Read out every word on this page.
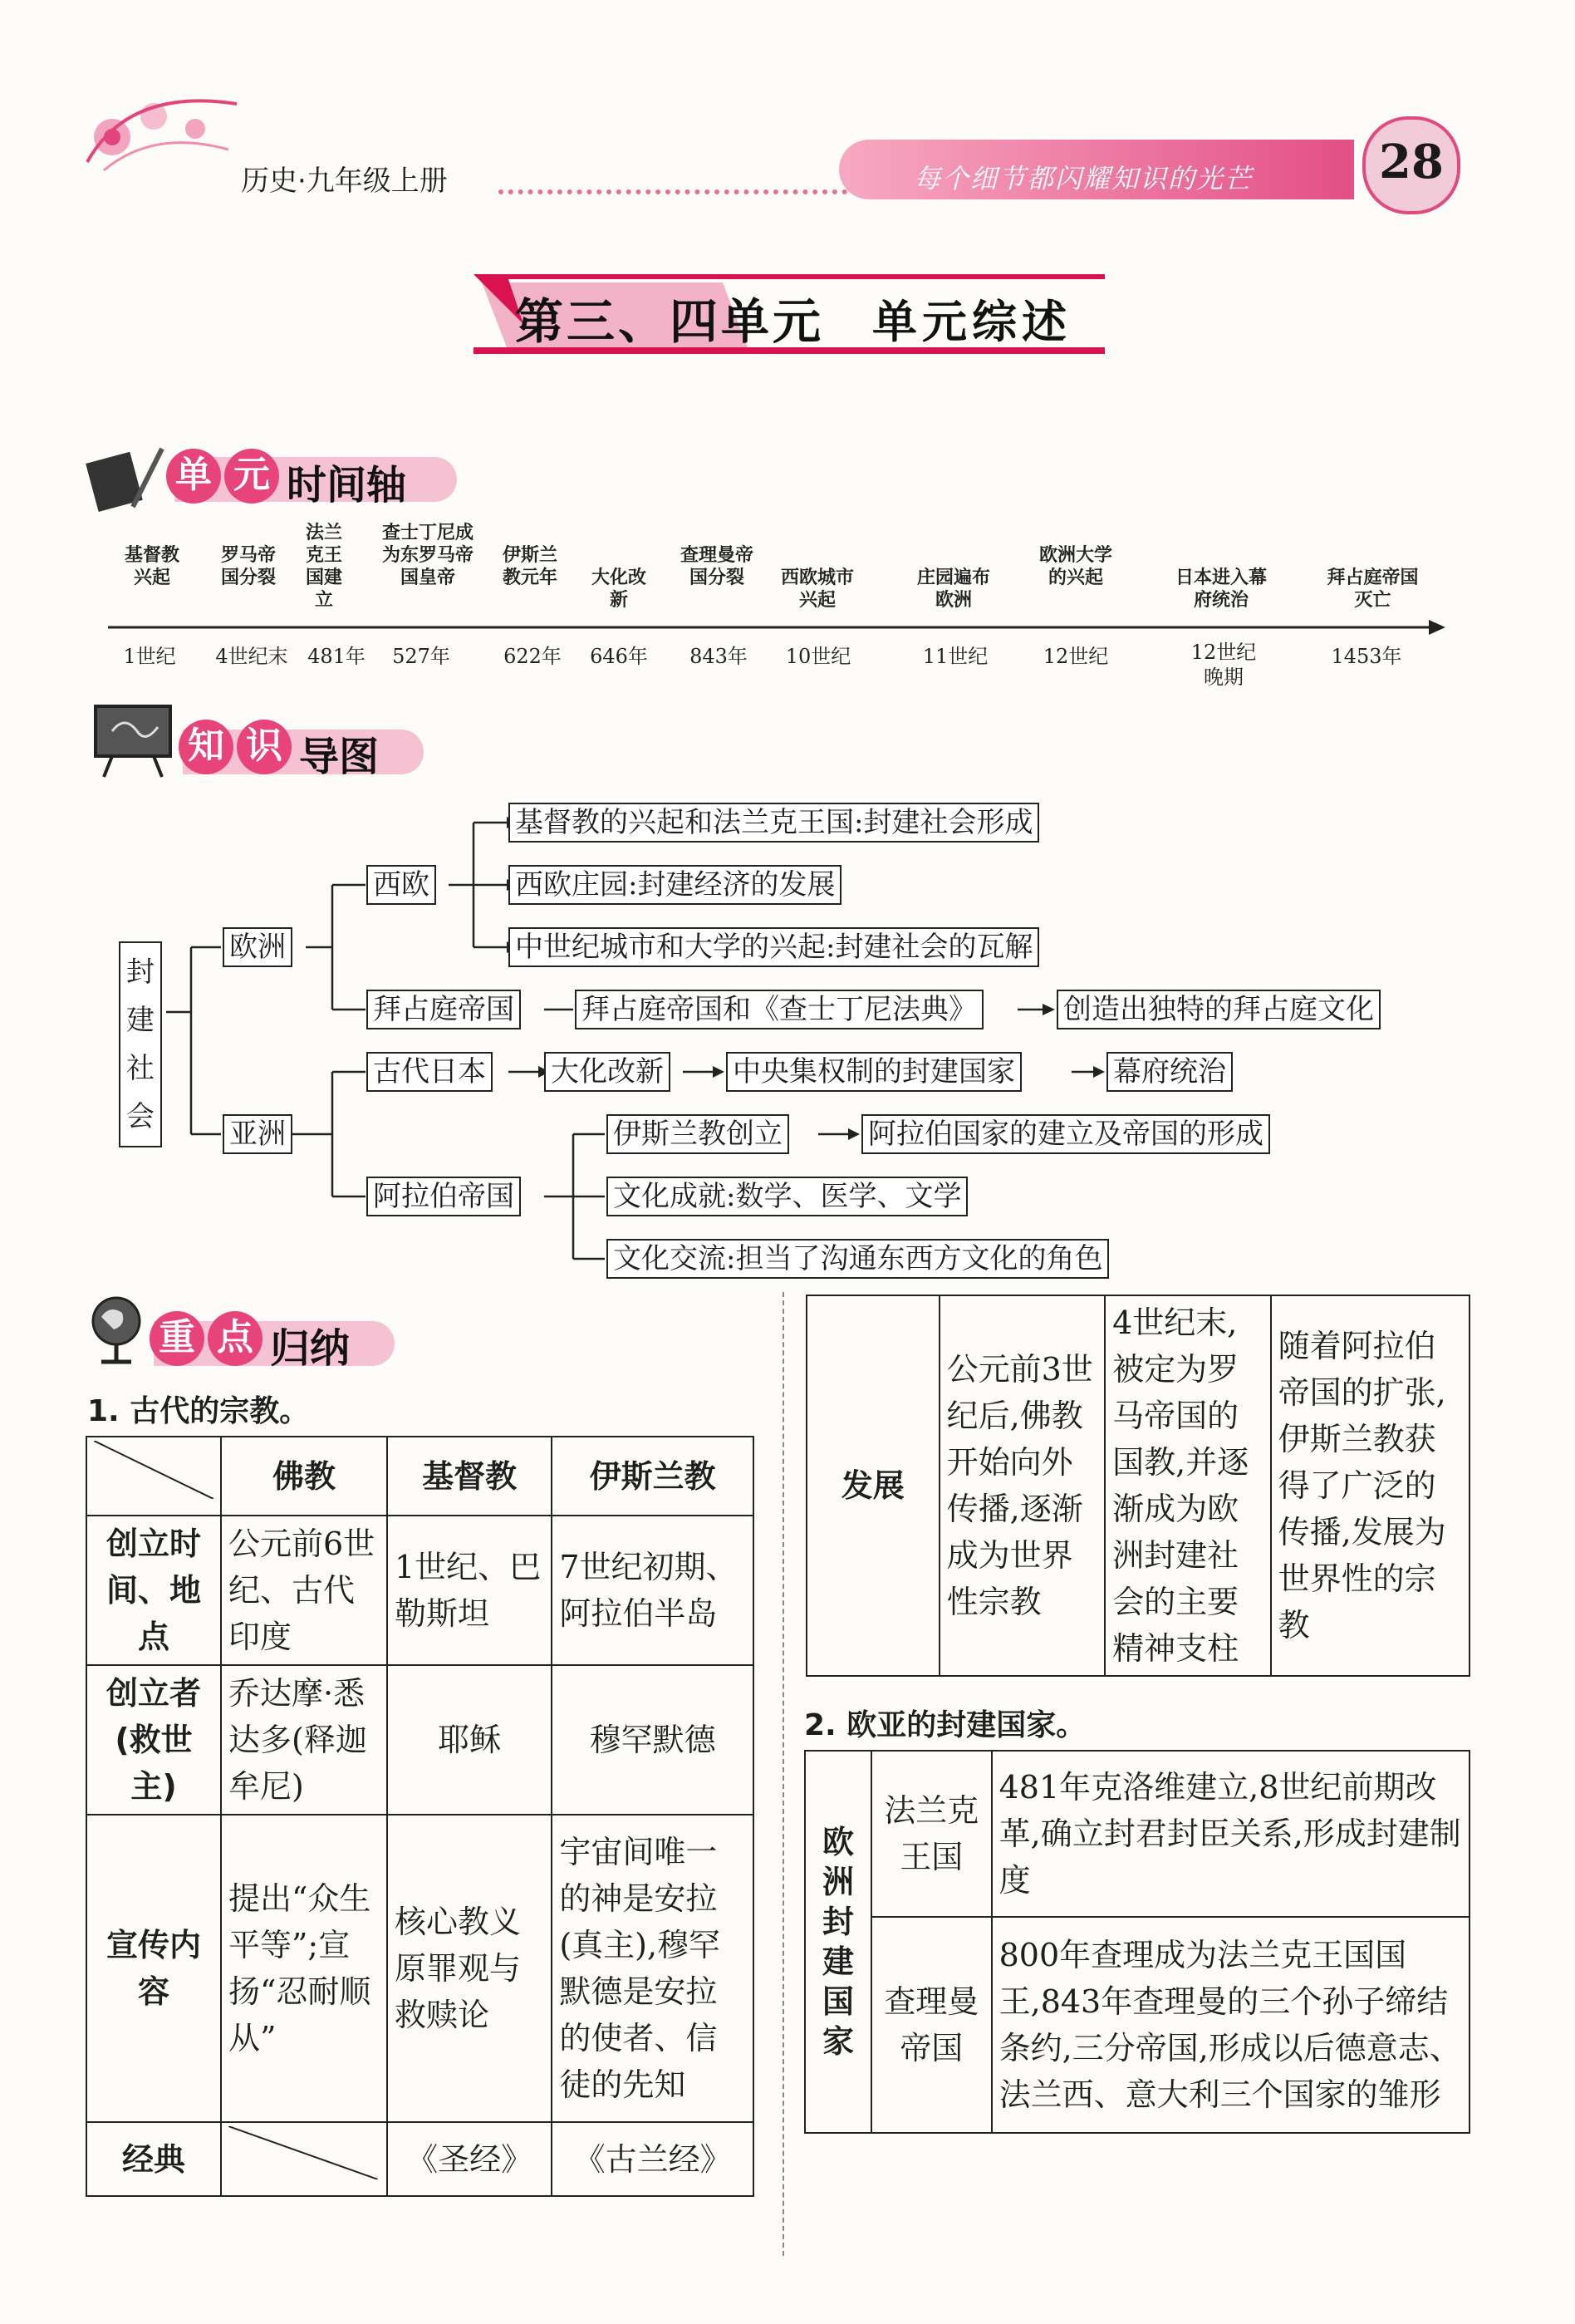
历史·九年级上册	每个细节都闪耀知识的光芒	28
第三、四单元 单元综述
单 元 时间轴
基督教兴起
1世纪
罗马帝国分裂
4世纪末
法兰克王国建立
481年
查士丁尼成为东罗马帝国皇帝
527年
伊斯兰教元年
622年
大化改新
646年
查理曼帝国分裂
843年
西欧城市兴起
10世纪
庄园遍布欧洲
11世纪
欧洲大学的兴起
12世纪
日本进入幕府统治
12世纪晚期
拜占庭帝国灭亡
1453年
知 识 导图
封建社会
欧洲
西欧
基督教的兴起和法兰克王国:封建社会形成
西欧庄园:封建经济的发展
中世纪城市和大学的兴起:封建社会的瓦解
拜占庭帝国 拜占庭帝国和《查士丁尼法典》	创造出独特的拜占庭文化
亚洲
古代日本 大化改新 中央集权制的封建国家	幕府统治
阿拉伯帝国
伊斯兰教创立	阿拉伯国家的建立及帝国的形成
文化成就:数学、医学、文学
文化交流:担当了沟通东西方文化的角色
重 点 归纳
1. 古代的宗教。
	佛教	基督教	伊斯兰教
创立时间、地点	公元前6世纪、古代印度	1世纪、巴勒斯坦	7世纪初期、阿拉伯半岛
创立者(救世主)	乔达摩·悉达多(释迦牟尼)	耶稣	穆罕默德
宣传内容	提出“众生平等”;宣扬“忍耐顺从”	核心教义原罪观与救赎论	宇宙间唯一的神是安拉(真主),穆罕默德是安拉的使者、信徒的先知
经典		《圣经》	《古兰经》
发展	公元前3世纪后,佛教开始向外传播,逐渐成为世界性宗教	4世纪末,被定为罗马帝国的国教,并逐渐成为欧洲封建社会的主要精神支柱	随着阿拉伯帝国的扩张,伊斯兰教获得了广泛的传播,发展为世界性的宗教
2. 欧亚的封建国家。
欧洲封建国家	法兰克王国	481年克洛维建立,8世纪前期改革,确立封君封臣关系,形成封建制度
	查理曼帝国	800年查理成为法兰克王国国王,843年查理曼的三个孙子缔结条约,三分帝国,形成以后德意志、法兰西、意大利三个国家的雏形
